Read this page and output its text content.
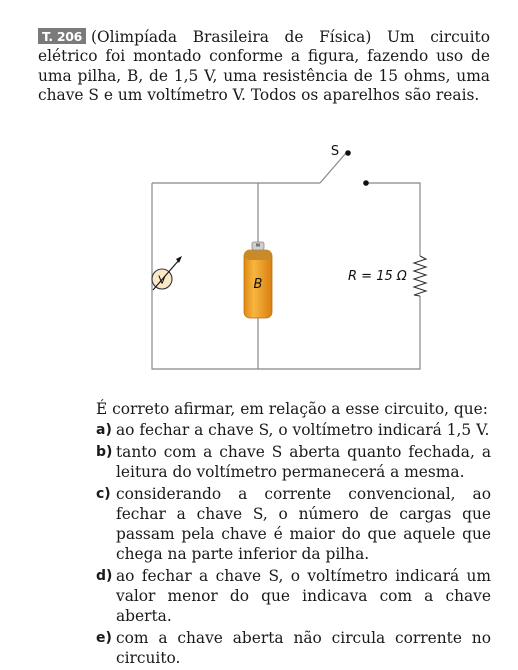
T. 206 (Olimpíada Brasileira de Física) Um circuito elétrico foi montado conforme a figura, fazendo uso de uma pilha, B, de 1,5 V, uma resistência de 15 ohms, uma chave S e um voltímetro V. Todos os aparelhos são reais.
S
V	B
R = 15 Ω

É correto afirmar, em relação a esse circuito, que:

a) ao fechar a chave S, o voltímetro indicará 1,5 V.
b) tanto com a chave S aberta quanto fechada, a leitura do voltímetro permanecerá a mesma.
c) considerando a corrente convencional, ao fechar a chave S, o número de cargas que passam pela chave é maior do que aquele que chega na parte inferior da pilha.
d) ao fechar a chave S, o voltímetro indicará um valor menor do que indicava com a chave aberta.
e) com a chave aberta não circula corrente no circuito.
